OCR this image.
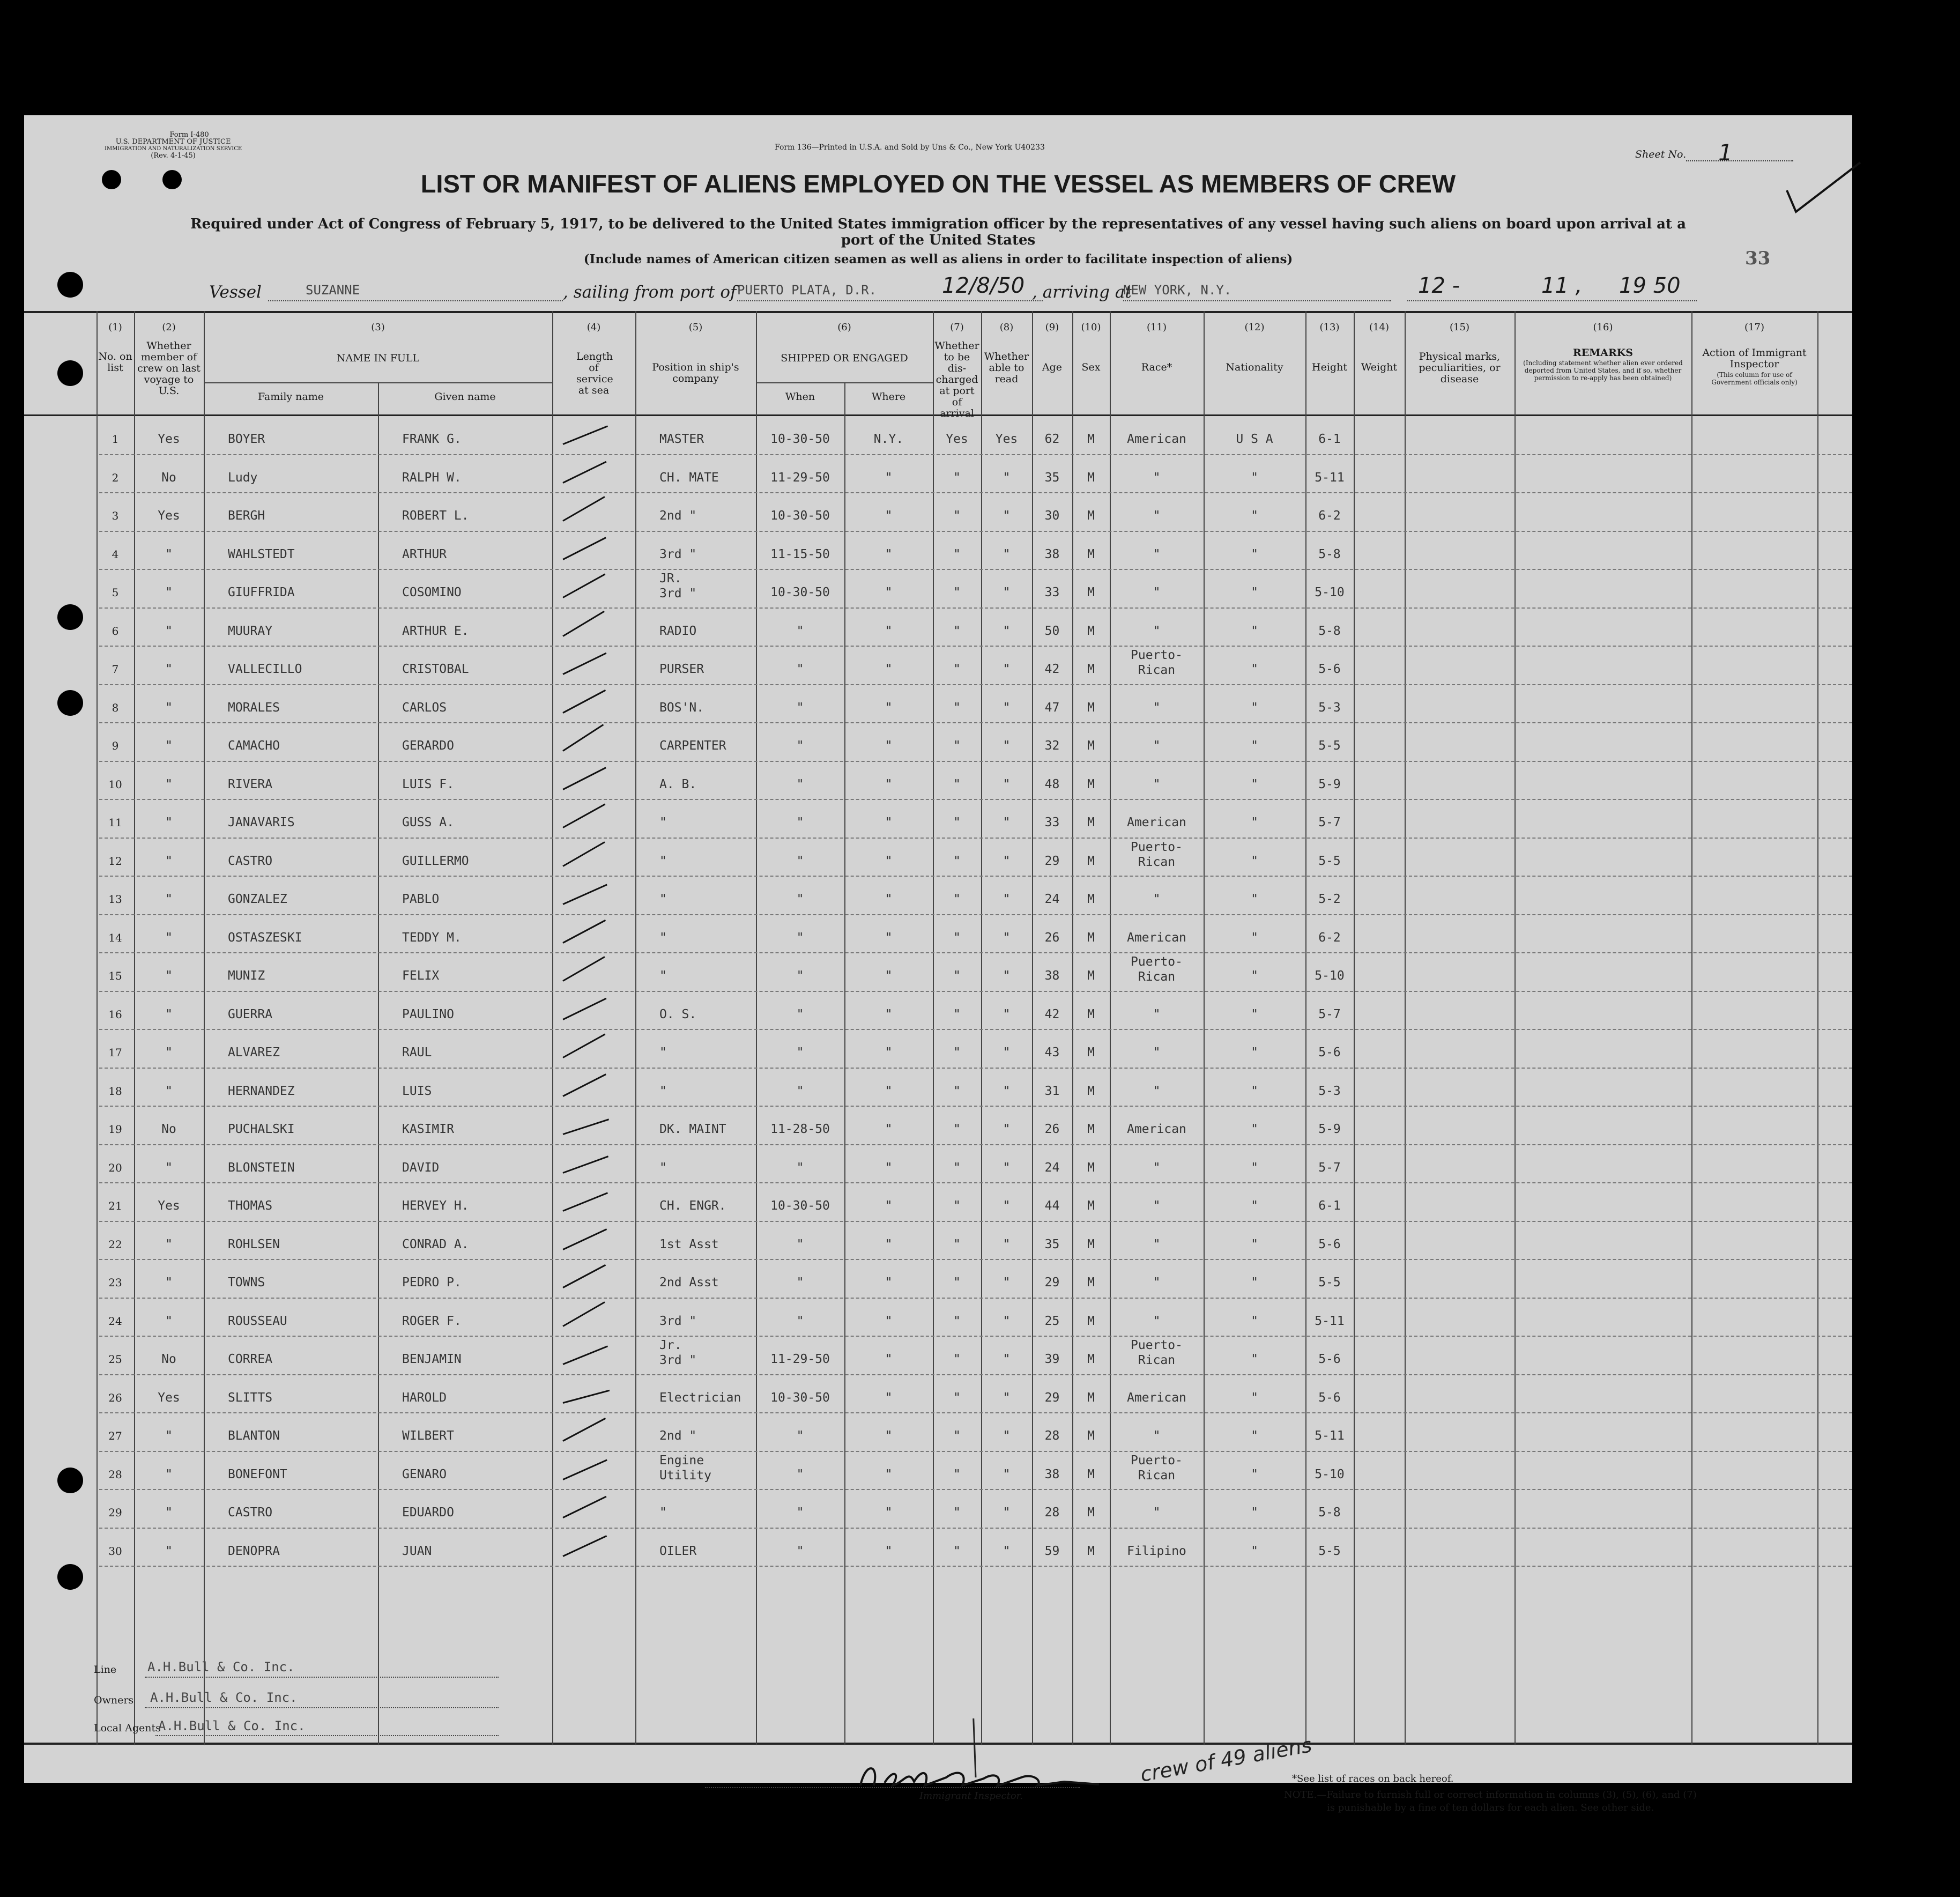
Form I-480
U.S. DEPARTMENT OF JUSTICE
IMMIGRATION AND NATURALIZATION SERVICE
(Rev. 4-1-45)
Form 136—Printed in U.S.A. and Sold by Uns & Co., New York U40233
Sheet No. 1
LIST OR MANIFEST OF ALIENS EMPLOYED ON THE VESSEL AS MEMBERS OF CREW
Required under Act of Congress of February 5, 1917, to be delivered to the United States immigration officer by the representatives of any vessel having such aliens on board upon arrival at a
port of the United States
(Include names of American citizen seamen as well as aliens in order to facilitate inspection of aliens)	33
Vessel	SUZANNE	, sailing from port of PUERTO PLATA, D.R.	12/8/50 , arriving at
NEW YORK, N.Y.	12 -	11 , 19 50
(1)
No. on list
(2)
Whether member of crew on last voyage to U.S.
(3)
NAME IN FULL
Family name	Given name
(4)
Length of service at sea
(5)
Position in ship's company
(6)
SHIPPED OR ENGAGED
When	Where
(7)
Whether to be dis-charged at port of arrival
(8)
Whether able to read
(9)
Age
(10)
Sex
(11)
Race*
(12)
Nationality
(13)
Height
(14)
Weight
(15)
Physical marks, peculiarities, or disease
(16)
REMARKS
(Including statement whether alien ever ordered deported from United States, and if so, whether permission to re-apply has been obtained)
(17)
Action of Immigrant Inspector
(This column for use of Government officials only)
1	Yes	BOYER	FRANK G.	MASTER	10-30-50	N.Y.	Yes	Yes	62	M	American	U S A	6-1
2	No	Ludy	RALPH W.	CH. MATE	11-29-50	"	"	"	35	M	"	"	5-11
3	Yes	BERGH	ROBERT L.	2nd "	10-30-50	"	"	"	30	M	"	"	6-2
4	"	WAHLSTEDT	ARTHUR	3rd "	11-15-50	"	"	"	38	M	"	"	5-8
5	"	GIUFFRIDA	COSOMINO
JR.
3rd "	10-30-50	"	"	"	33	M	"	"	5-10
6	"	MUURAY	ARTHUR E.	RADIO	"	"	"	"	50	M	"	"	5-8
7	"	VALLECILLO	CRISTOBAL	PURSER	"	"	"	"	42	M
Puerto-
Rican	"	5-6
8	"	MORALES	CARLOS	BOS'N.	"	"	"	"	47	M	"	"	5-3
9	"	CAMACHO	GERARDO	CARPENTER	"	"	"	"	32	M	"	"	5-5
10	"	RIVERA	LUIS F.	A. B.	"	"	"	"	48	M	"	"	5-9
11	"	JANAVARIS	GUSS A.	"	"	"	"	"	33	M	American	"	5-7
12	"	CASTRO	GUILLERMO	"	"	"	"	"	29	M
Puerto-
Rican	"	5-5
13	"	GONZALEZ	PABLO	"	"	"	"	"	24	M	"	"	5-2
14	"	OSTASZESKI	TEDDY M.	"	"	"	"	"	26	M	American	"	6-2
15	"	MUNIZ	FELIX	"	"	"	"	"	38	M
Puerto-
Rican	"	5-10
16	"	GUERRA	PAULINO	O. S.	"	"	"	"	42	M	"	"	5-7
17	"	ALVAREZ	RAUL	"	"	"	"	"	43	M	"	"	5-6
18	"	HERNANDEZ	LUIS	"	"	"	"	"	31	M	"	"	5-3
19	No	PUCHALSKI	KASIMIR	DK. MAINT	11-28-50	"	"	"	26	M	American	"	5-9
20	"	BLONSTEIN	DAVID	"	"	"	"	"	24	M	"	"	5-7
21	Yes	THOMAS	HERVEY H.	CH. ENGR.	10-30-50	"	"	"	44	M	"	"	6-1
22	"	ROHLSEN	CONRAD A.	1st Asst	"	"	"	"	35	M	"	"	5-6
23	"	TOWNS	PEDRO P.	2nd Asst	"	"	"	"	29	M	"	"	5-5
24	"	ROUSSEAU	ROGER F.	3rd "	"	"	"	"	25	M	"	"	5-11
25	No	CORREA	BENJAMIN
Jr.
3rd "	11-29-50	"	"	"	39	M
Puerto-
Rican	"	5-6
26	Yes	SLITTS	HAROLD	Electrician	10-30-50	"	"	"	29	M	American	"	5-6
27	"	BLANTON	WILBERT	2nd "	"	"	"	"	28	M	"	"	5-11
28	"	BONEFONT	GENARO
Engine
Utility	"	"	"	"	38	M
Puerto-
Rican	"	5-10
29	"	CASTRO	EDUARDO	"	"	"	"	"	28	M	"	"	5-8
30	"	DENOPRA	JUAN	OILER	"	"	"	"	59	M	Filipino	"	5-5
Line A.H.Bull & Co. Inc.
Owners A.H.Bull & Co. Inc.
Local Agents
A.H.Bull & Co. Inc.
Immigrant Inspector.
crew of 49 aliens
*See list of races on back hereof.
NOTE.—Failure to furnish full or correct information in columns (3), (5), (6), and (7)
is punishable by a fine of ten dollars for each alien. See other side.
